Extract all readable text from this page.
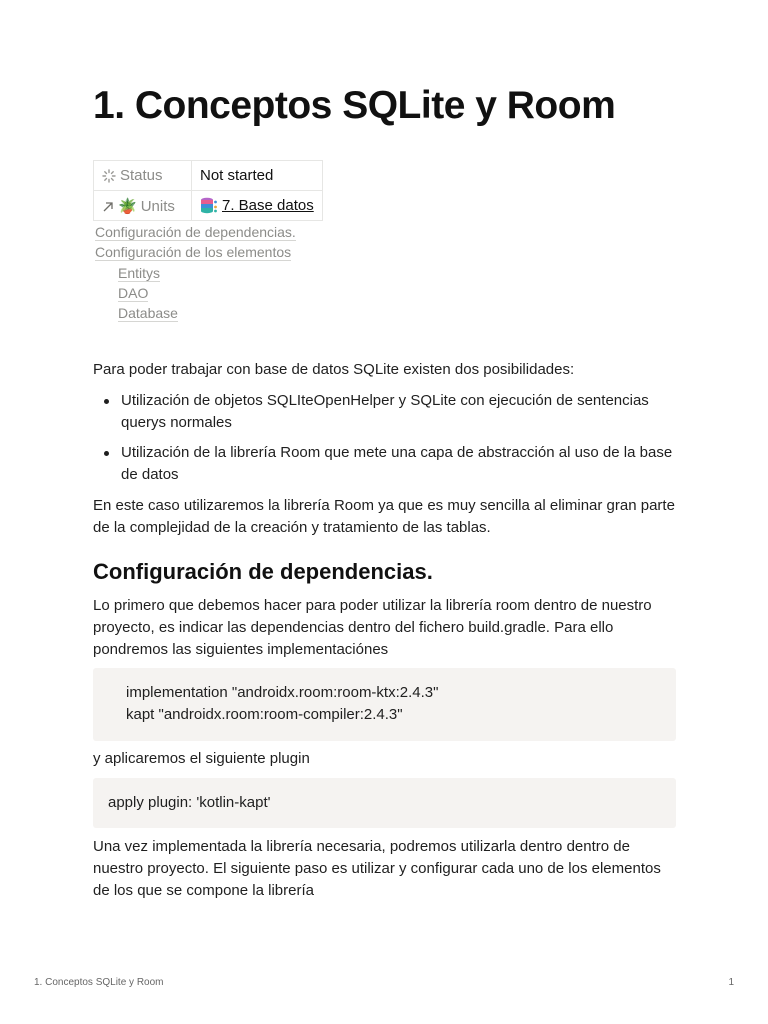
1. Conceptos SQLite y Room
Status	Not started
🪴 Units	7. Base datos
Configuración de dependencias.
Configuración de los elementos
Entitys
DAO
Database

Para poder trabajar con base de datos SQLite existen dos posibilidades:

Utilización de objetos SQLIteOpenHelper y SQLite con ejecución de sentencias querys normales
Utilización de la librería Room que mete una capa de abstracción al uso de la base de datos

En este caso utilizaremos la librería Room ya que es muy sencilla al eliminar gran parte de la complejidad de la creación y tratamiento de las tablas.

Configuración de dependencias.

Lo primero que debemos hacer para poder utilizar la librería room dentro de nuestro proyecto, es indicar las dependencias dentro del fichero build.gradle. Para ello pondremos las siguientes implementaciónes

implementation "androidx.room:room-ktx:2.4.3"
kapt "androidx.room:room-compiler:2.4.3"

y aplicaremos el siguiente plugin

apply plugin: 'kotlin-kapt'

Una vez implementada la librería necesaria, podremos utilizarla dentro dentro de nuestro proyecto. El siguiente paso es utilizar y configurar cada uno de los elementos de los que se compone la librería

1. Conceptos SQLite y Room	1
